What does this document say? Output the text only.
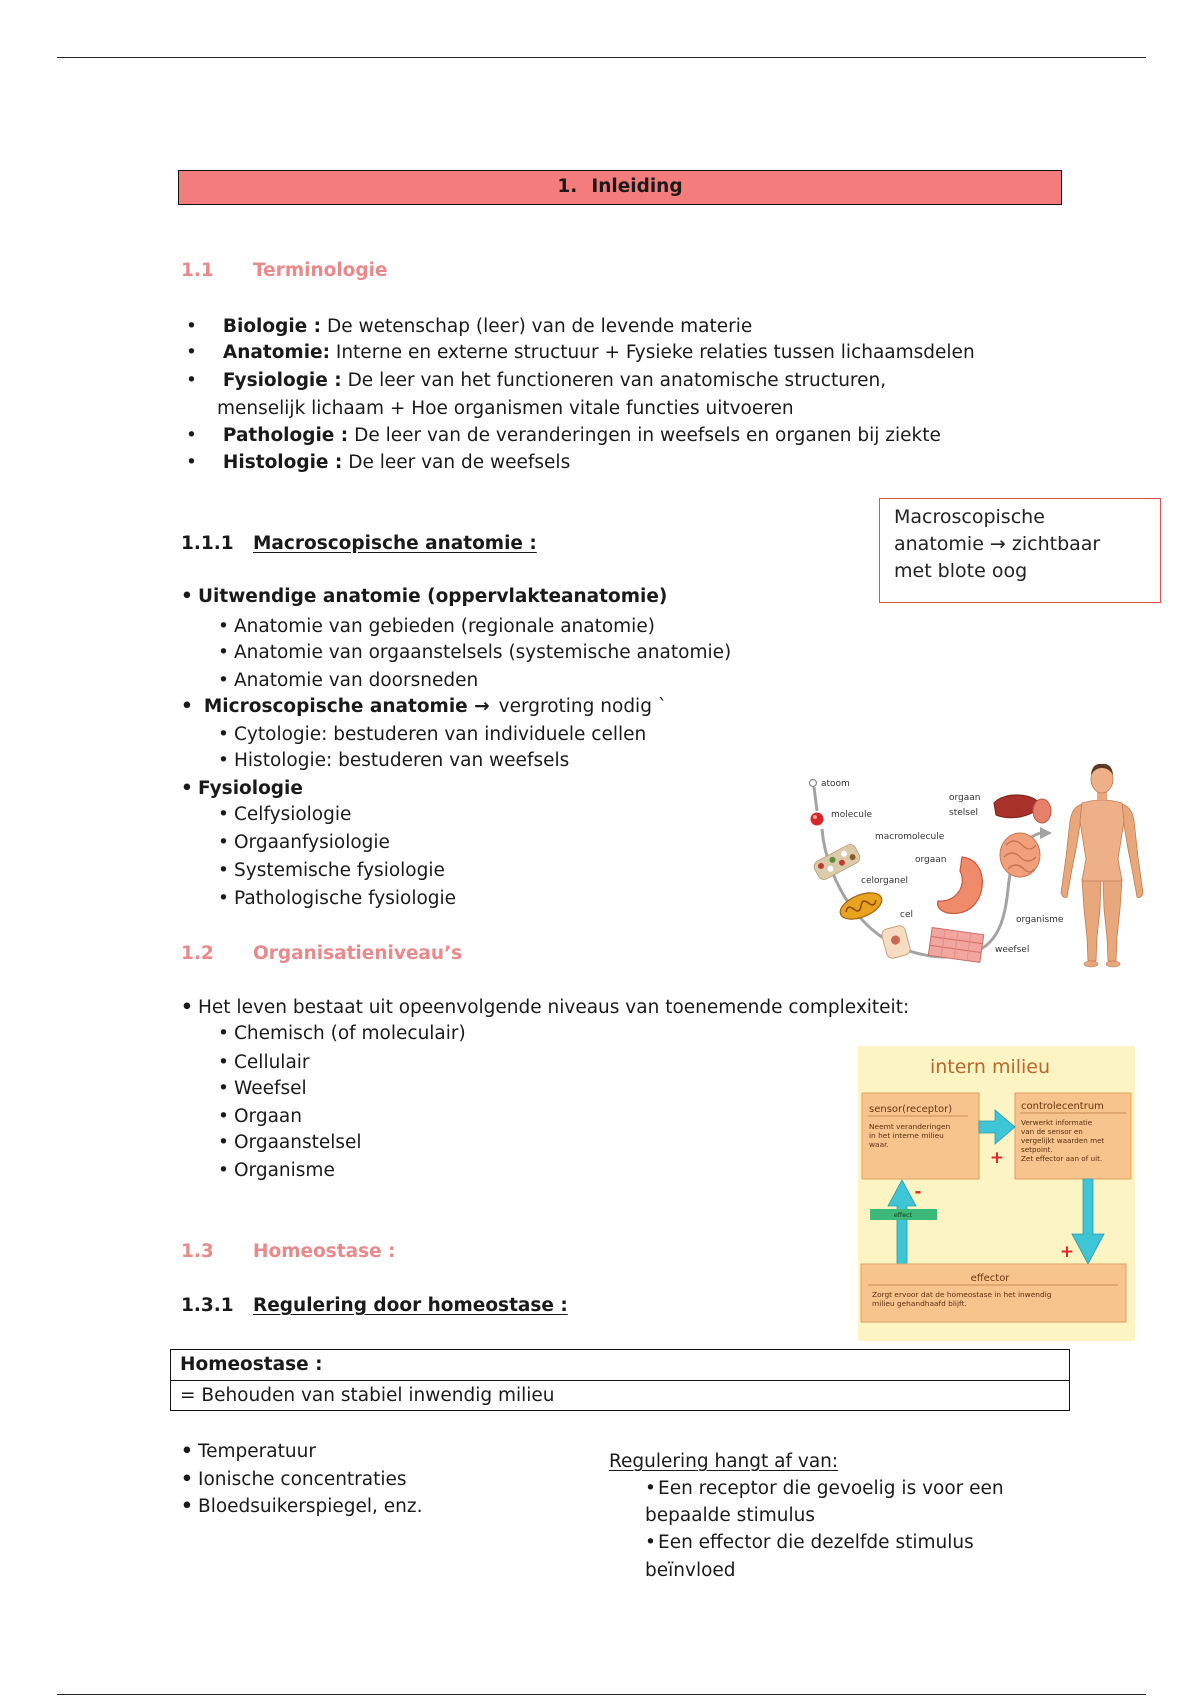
1. Inleiding
1.1 Terminologie
• Biologie : De wetenschap (leer) van de levende materie
• Anatomie: Interne en externe structuur + Fysieke relaties tussen lichaamsdelen
• Fysiologie : De leer van het functioneren van anatomische structuren,
menselijk lichaam + Hoe organismen vitale functies uitvoeren
• Pathologie : De leer van de veranderingen in weefsels en organen bij ziekte
• Histologie : De leer van de weefsels
Macroscopische
anatomie → zichtbaar
met blote oog
1.1.1 Macroscopische anatomie :
• Uitwendige anatomie (oppervlakteanatomie)
• Anatomie van gebieden (regionale anatomie)
• Anatomie van orgaanstelsels (systemische anatomie)
• Anatomie van doorsneden
• Microscopische anatomie → vergroting nodig `
• Cytologie: bestuderen van individuele cellen
• Histologie: bestuderen van weefsels
• Fysiologie
• Celfysiologie
• Orgaanfysiologie
• Systemische fysiologie
• Pathologische fysiologie
atoom
molecule
macromolecule
celorganel
cel
weefsel
orgaan
orgaan
stelsel
organisme
1.2 Organisatieniveau’s
• Het leven bestaat uit opeenvolgende niveaus van toenemende complexiteit:
• Chemisch (of moleculair)
• Cellulair
• Weefsel
• Orgaan
• Orgaanstelsel
• Organisme
intern milieu
sensor(receptor)
Neemt veranderingen
in het interne milieu
waar.
controlecentrum
Verwerkt informatie
van de sensor en
vergelijkt waarden met
setpoint.
Zet effector aan of uit.
effect
+
+
-
effector
Zorgt ervoor dat de homeostase in het inwendig
milieu gehandhaafd blijft.
1.3 Homeostase :
1.3.1 Regulering door homeostase :
Homeostase :
= Behouden van stabiel inwendig milieu
• Temperatuur
• Ionische concentraties
• Bloedsuikerspiegel, enz.
Regulering hangt af van:
• Een receptor die gevoelig is voor een
bepaalde stimulus
• Een effector die dezelfde stimulus
beïnvloed
